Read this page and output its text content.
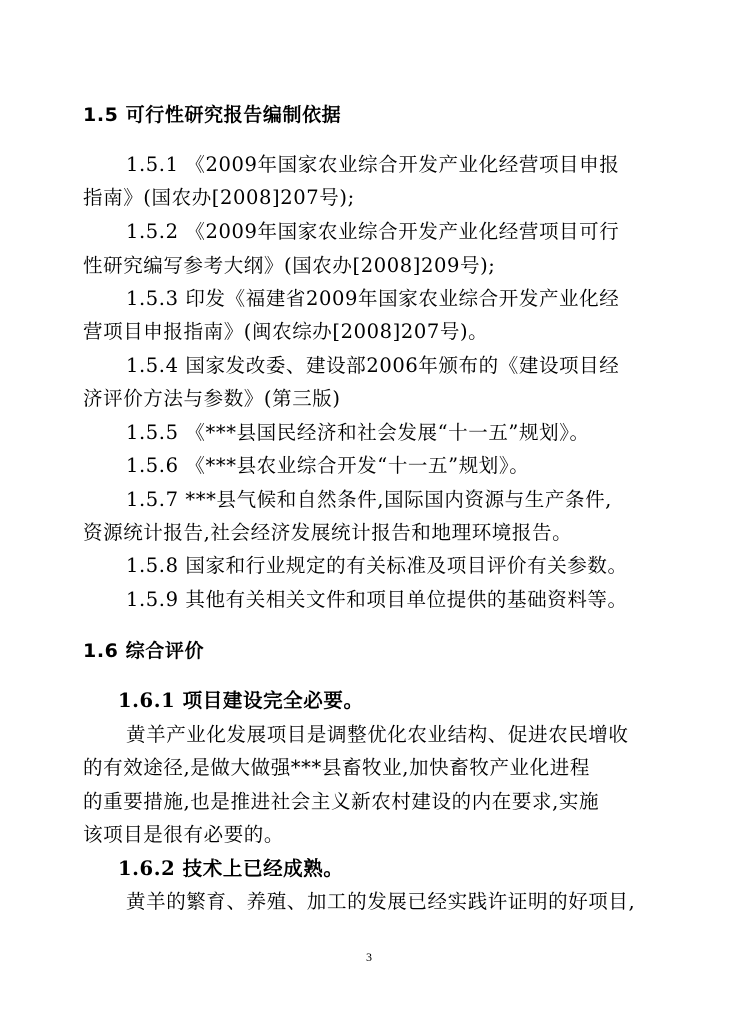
1.5 可行性研究报告编制依据
1.5.1 《2009年国家农业综合开发产业化经营项目申报
指南》(国农办[2008]207号);
1.5.2 《2009年国家农业综合开发产业化经营项目可行
性研究编写参考大纲》(国农办[2008]209号);
1.5.3 印发《福建省2009年国家农业综合开发产业化经
营项目申报指南》(闽农综办[2008]207号)。
1.5.4 国家发改委、建设部2006年颁布的《建设项目经
济评价方法与参数》(第三版)
1.5.5 《***县国民经济和社会发展“十一五”规划》。
1.5.6 《***县农业综合开发“十一五”规划》。
1.5.7 ***县气候和自然条件,国际国内资源与生产条件,
资源统计报告,社会经济发展统计报告和地理环境报告。
1.5.8 国家和行业规定的有关标准及项目评价有关参数。
1.5.9 其他有关相关文件和项目单位提供的基础资料等。
1.6 综合评价
1.6.1 项目建设完全必要。
黄羊产业化发展项目是调整优化农业结构、促进农民增收
的有效途径,是做大做强***县畜牧业,加快畜牧产业化进程
的重要措施,也是推进社会主义新农村建设的内在要求,实施
该项目是很有必要的。
1.6.2 技术上已经成熟。
黄羊的繁育、养殖、加工的发展已经实践许证明的好项目,
3
